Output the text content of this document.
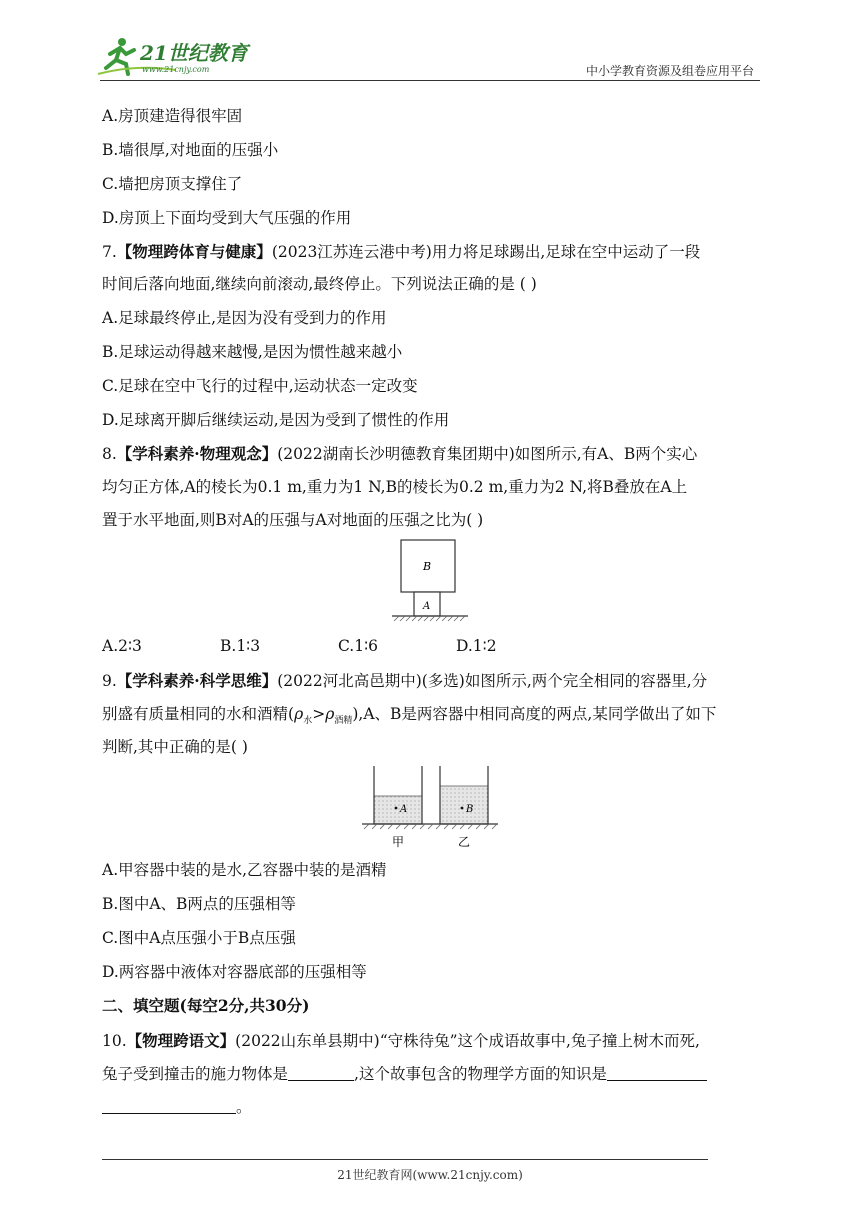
21世纪教育
www.21cnjy.com	中小学教育资源及组卷应用平台
A.房顶建造得很牢固
B.墙很厚,对地面的压强小
C.墙把房顶支撑住了
D.房顶上下面均受到大气压强的作用
7.【物理跨体育与健康】(2023江苏连云港中考)用力将足球踢出,足球在空中运动了一段
时间后落向地面,继续向前滚动,最终停止。下列说法正确的是 ( )
A.足球最终停止,是因为没有受到力的作用
B.足球运动得越来越慢,是因为惯性越来越小
C.足球在空中飞行的过程中,运动状态一定改变
D.足球离开脚后继续运动,是因为受到了惯性的作用
8.【学科素养·物理观念】(2022湖南长沙明德教育集团期中)如图所示,有A、B两个实心
均匀正方体,A的棱长为0.1 m,重力为1 N,B的棱长为0.2 m,重力为2 N,将B叠放在A上
置于水平地面,则B对A的压强与A对地面的压强之比为( )
B
A
A.2∶3	B.1∶3	C.1∶6	D.1∶2
9.【学科素养·科学思维】(2022河北高邑期中)(多选)如图所示,两个完全相同的容器里,分
别盛有质量相同的水和酒精$(\rho_水>\rho_{酒精}),A$、B是两容器中相同高度的两点,某同学做出了如下
判断,其中正确的是( )
A	B
甲	乙
A.甲容器中装的是水,乙容器中装的是酒精
B.图中A、B两点的压强相等
C.图中A点压强小于B点压强
D.两容器中液体对容器底部的压强相等
二、填空题(每空2分,共30分)
10.【物理跨语文】(2022山东单县期中)“守株待兔”这个成语故事中,兔子撞上树木而死,
兔子受到撞击的施力物体是	,这个故事包含的物理学方面的知识是
。
21世纪教育网(www.21cnjy.com)
